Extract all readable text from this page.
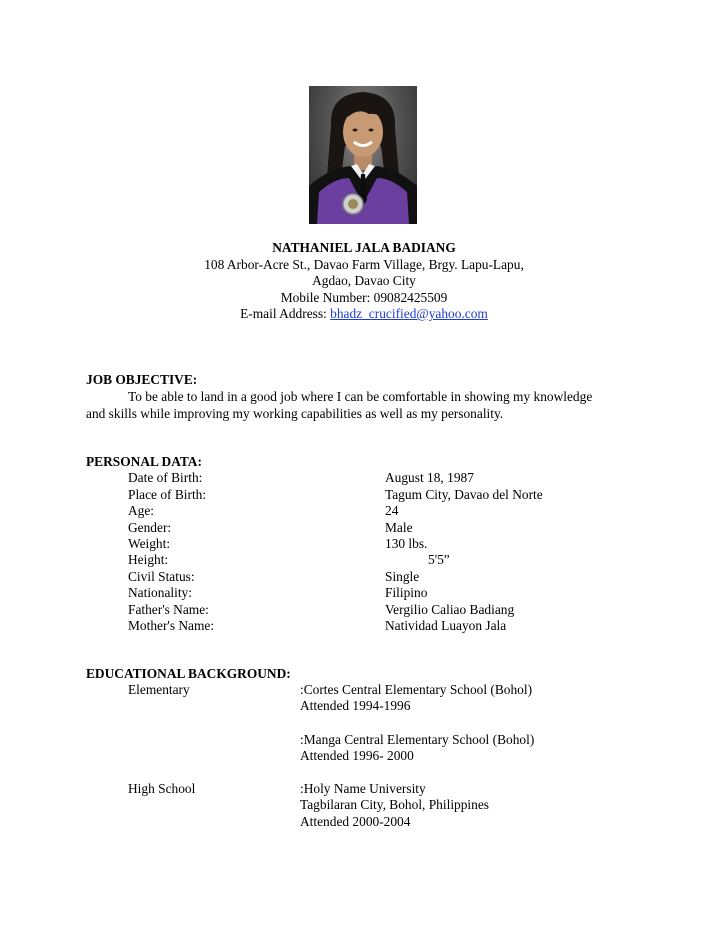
NATHANIEL JALA BADIANG
108 Arbor-Acre St., Davao Farm Village, Brgy. Lapu-Lapu,
Agdao, Davao City
Mobile Number: 09082425509
E-mail Address: bhadz_crucified@yahoo.com
JOB OBJECTIVE:
To be able to land in a good job where I can be comfortable in showing my knowledge
and skills while improving my working capabilities as well as my personality.
PERSONAL DATA:
Date of Birth:	August 18, 1987
Place of Birth:	Tagum City, Davao del Norte
Age:	24
Gender:	Male
Weight:	130 lbs.
Height:	5'5”
Civil Status:	Single
Nationality:	Filipino
Father's Name:	Vergilio Caliao Badiang
Mother's Name:	Natividad Luayon Jala
EDUCATIONAL BACKGROUND:
Elementary	:Cortes Central Elementary School (Bohol)
Attended 1994-1996
:Manga Central Elementary School (Bohol)
Attended 1996- 2000
High School	:Holy Name University
Tagbilaran City, Bohol, Philippines
Attended 2000-2004
